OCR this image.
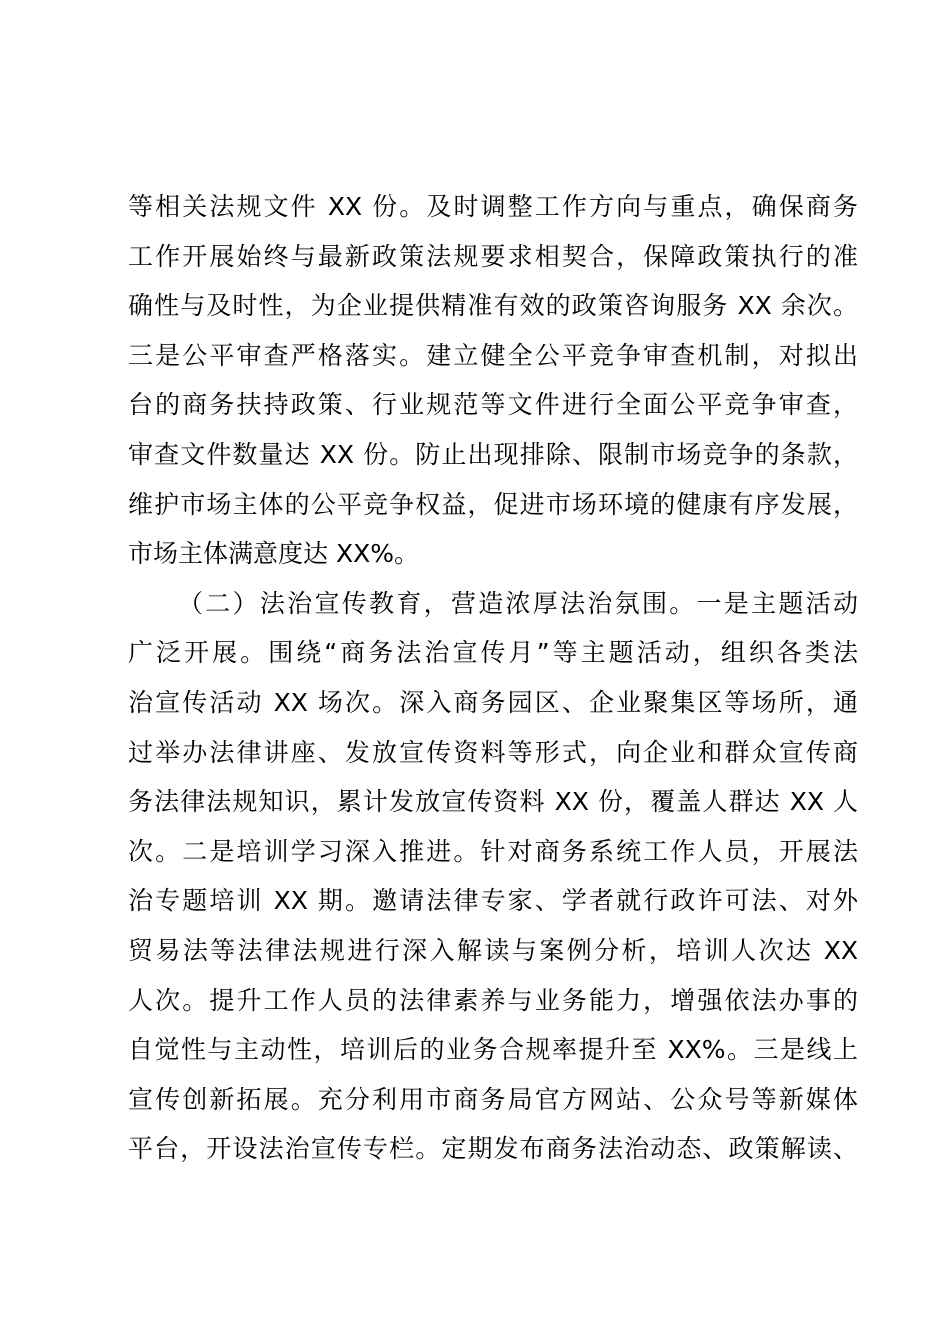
等相关法规文件 XX 份。及时调整工作方向与重点，确保商务
工作开展始终与最新政策法规要求相契合，保障政策执行的准
确性与及时性，为企业提供精准有效的政策咨询服务 XX 余次。
三是公平审查严格落实。建立健全公平竞争审查机制，对拟出
台的商务扶持政策、行业规范等文件进行全面公平竞争审查，
审查文件数量达 XX 份。防止出现排除、限制市场竞争的条款，
维护市场主体的公平竞争权益，促进市场环境的健康有序发展，
市场主体满意度达 XX%。
（二）法治宣传教育，营造浓厚法治氛围。一是主题活动
广泛开展。围绕“商务法治宣传月”等主题活动，组织各类法
治宣传活动 XX 场次。深入商务园区、企业聚集区等场所，通
过举办法律讲座、发放宣传资料等形式，向企业和群众宣传商
务法律法规知识，累计发放宣传资料 XX 份，覆盖人群达 XX 人
次。二是培训学习深入推进。针对商务系统工作人员，开展法
治专题培训 XX 期。邀请法律专家、学者就行政许可法、对外
贸易法等法律法规进行深入解读与案例分析，培训人次达 XX
人次。提升工作人员的法律素养与业务能力，增强依法办事的
自觉性与主动性，培训后的业务合规率提升至 XX%。三是线上
宣传创新拓展。充分利用市商务局官方网站、公众号等新媒体
平台，开设法治宣传专栏。定期发布商务法治动态、政策解读、
